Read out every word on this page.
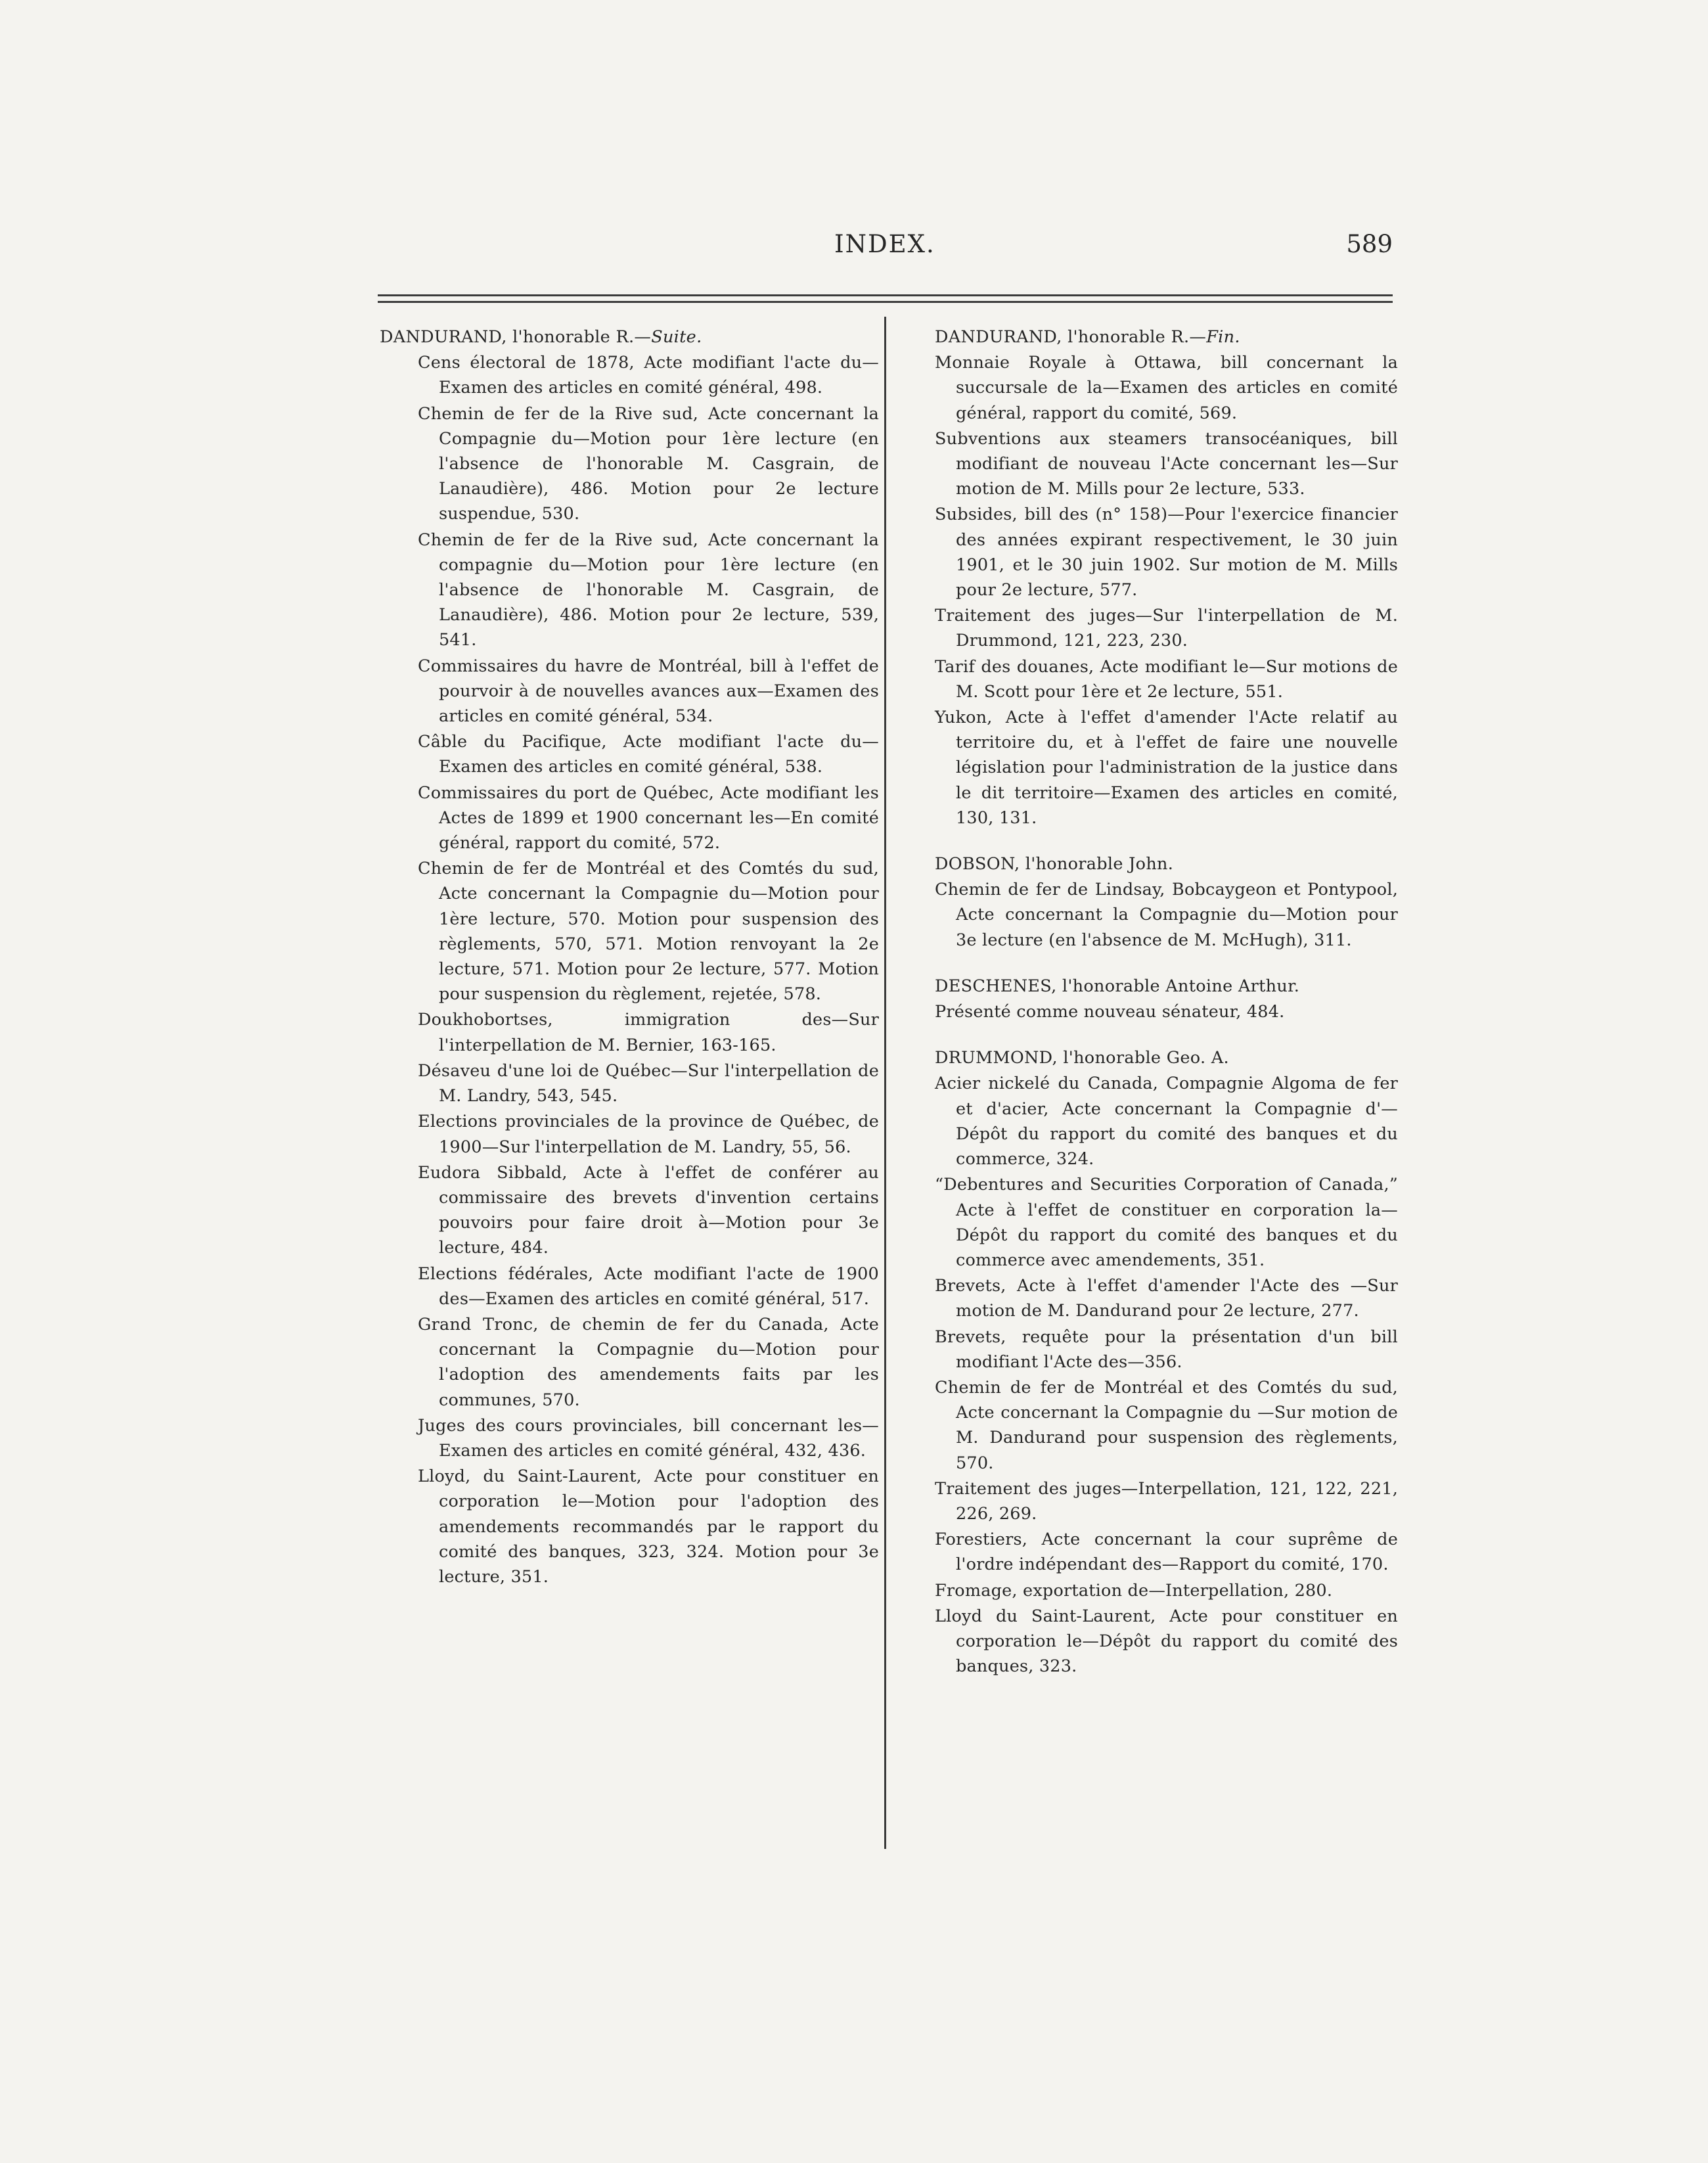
INDEX.	589
DANDURAND, l'honorable R.—Suite.
Cens électoral de 1878, Acte modifiant l'acte du—Examen des articles en comité général, 498.
Chemin de fer de la Rive sud, Acte concernant la Compagnie du—Motion pour 1ère lecture (en l'absence de l'honorable M. Casgrain, de Lanaudière), 486. Motion pour 2e lecture suspendue, 530.
Chemin de fer de la Rive sud, Acte concernant la compagnie du—Motion pour 1ère lecture (en l'absence de l'honorable M. Casgrain, de Lanaudière), 486. Motion pour 2e lecture, 539, 541.
Commissaires du havre de Montréal, bill à l'effet de pourvoir à de nouvelles avances aux—Examen des articles en comité général, 534.
Câble du Pacifique, Acte modifiant l'acte du—Examen des articles en comité général, 538.
Commissaires du port de Québec, Acte modifiant les Actes de 1899 et 1900 concernant les—En comité général, rapport du comité, 572.
Chemin de fer de Montréal et des Comtés du sud, Acte concernant la Compagnie du—Motion pour 1ère lecture, 570. Motion pour suspension des règlements, 570, 571. Motion renvoyant la 2e lecture, 571. Motion pour 2e lecture, 577. Motion pour suspension du règlement, rejetée, 578.
Doukhobortses, immigration des—Sur l'interpellation de M. Bernier, 163-165.
Désaveu d'une loi de Québec—Sur l'interpellation de M. Landry, 543, 545.
Elections provinciales de la province de Québec, de 1900—Sur l'interpellation de M. Landry, 55, 56.
Eudora Sibbald, Acte à l'effet de conférer au commissaire des brevets d'invention certains pouvoirs pour faire droit à—Motion pour 3e lecture, 484.
Elections fédérales, Acte modifiant l'acte de 1900 des—Examen des articles en comité général, 517.
Grand Tronc, de chemin de fer du Canada, Acte concernant la Compagnie du—Motion pour l'adoption des amendements faits par les communes, 570.
Juges des cours provinciales, bill concernant les—Examen des articles en comité général, 432, 436.
Lloyd, du Saint-Laurent, Acte pour constituer en corporation le—Motion pour l'adoption des amendements recommandés par le rapport du comité des banques, 323, 324. Motion pour 3e lecture, 351.
DANDURAND, l'honorable R.—Fin.
Monnaie Royale à Ottawa, bill concernant la succursale de la—Examen des articles en comité général, rapport du comité, 569.
Subventions aux steamers transocéaniques, bill modifiant de nouveau l'Acte concernant les—Sur motion de M. Mills pour 2e lecture, 533.
Subsides, bill des (n° 158)—Pour l'exercice financier des années expirant respectivement, le 30 juin 1901, et le 30 juin 1902. Sur motion de M. Mills pour 2e lecture, 577.
Traitement des juges—Sur l'interpellation de M. Drummond, 121, 223, 230.
Tarif des douanes, Acte modifiant le—Sur motions de M. Scott pour 1ère et 2e lecture, 551.
Yukon, Acte à l'effet d'amender l'Acte relatif au territoire du, et à l'effet de faire une nouvelle législation pour l'administration de la justice dans le dit territoire—Examen des articles en comité, 130, 131.
DOBSON, l'honorable John.
Chemin de fer de Lindsay, Bobcaygeon et Pontypool, Acte concernant la Compagnie du—Motion pour 3e lecture (en l'absence de M. McHugh), 311.
DESCHENES, l'honorable Antoine Arthur.
Présenté comme nouveau sénateur, 484.
DRUMMOND, l'honorable Geo. A.
Acier nickelé du Canada, Compagnie Algoma de fer et d'acier, Acte concernant la Compagnie d'—Dépôt du rapport du comité des banques et du commerce, 324.
“Debentures and Securities Corporation of Canada,” Acte à l'effet de constituer en corporation la—Dépôt du rapport du comité des banques et du commerce avec amendements, 351.
Brevets, Acte à l'effet d'amender l'Acte des —Sur motion de M. Dandurand pour 2e lecture, 277.
Brevets, requête pour la présentation d'un bill modifiant l'Acte des—356.
Chemin de fer de Montréal et des Comtés du sud, Acte concernant la Compagnie du —Sur motion de M. Dandurand pour suspension des règlements, 570.
Traitement des juges—Interpellation, 121, 122, 221, 226, 269.
Forestiers, Acte concernant la cour suprême de l'ordre indépendant des—Rapport du comité, 170.
Fromage, exportation de—Interpellation, 280.
Lloyd du Saint-Laurent, Acte pour constituer en corporation le—Dépôt du rapport du comité des banques, 323.
